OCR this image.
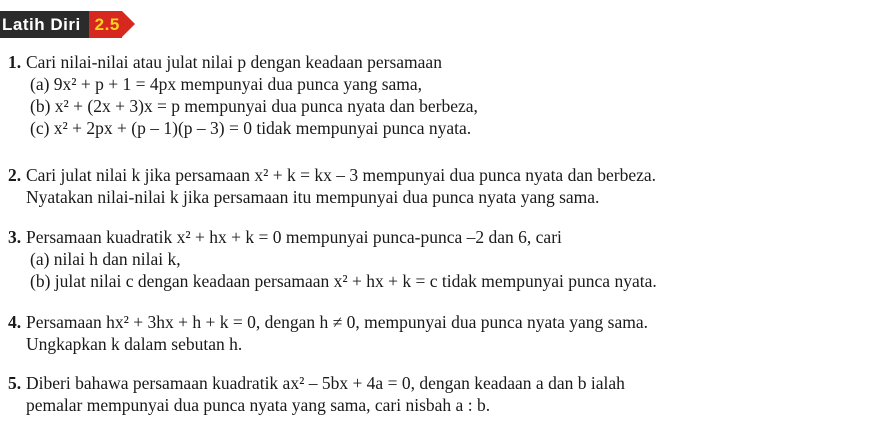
Latih Diri 2.5
1. Cari nilai-nilai atau julat nilai p dengan keadaan persamaan
(a) 9x² + p + 1 = 4px mempunyai dua punca yang sama,
(b) x² + (2x + 3)x = p mempunyai dua punca nyata dan berbeza,
(c) x² + 2px + (p – 1)(p – 3) = 0 tidak mempunyai punca nyata.
2. Cari julat nilai k jika persamaan x² + k = kx – 3 mempunyai dua punca nyata dan berbeza.
Nyatakan nilai-nilai k jika persamaan itu mempunyai dua punca nyata yang sama.
3. Persamaan kuadratik x² + hx + k = 0 mempunyai punca-punca –2 dan 6, cari
(a) nilai h dan nilai k,
(b) julat nilai c dengan keadaan persamaan x² + hx + k = c tidak mempunyai punca nyata.
4. Persamaan hx² + 3hx + h + k = 0, dengan h ≠ 0, mempunyai dua punca nyata yang sama.
Ungkapkan k dalam sebutan h.
5. Diberi bahawa persamaan kuadratik ax² – 5bx + 4a = 0, dengan keadaan a dan b ialah
pemalar mempunyai dua punca nyata yang sama, cari nisbah a : b.
